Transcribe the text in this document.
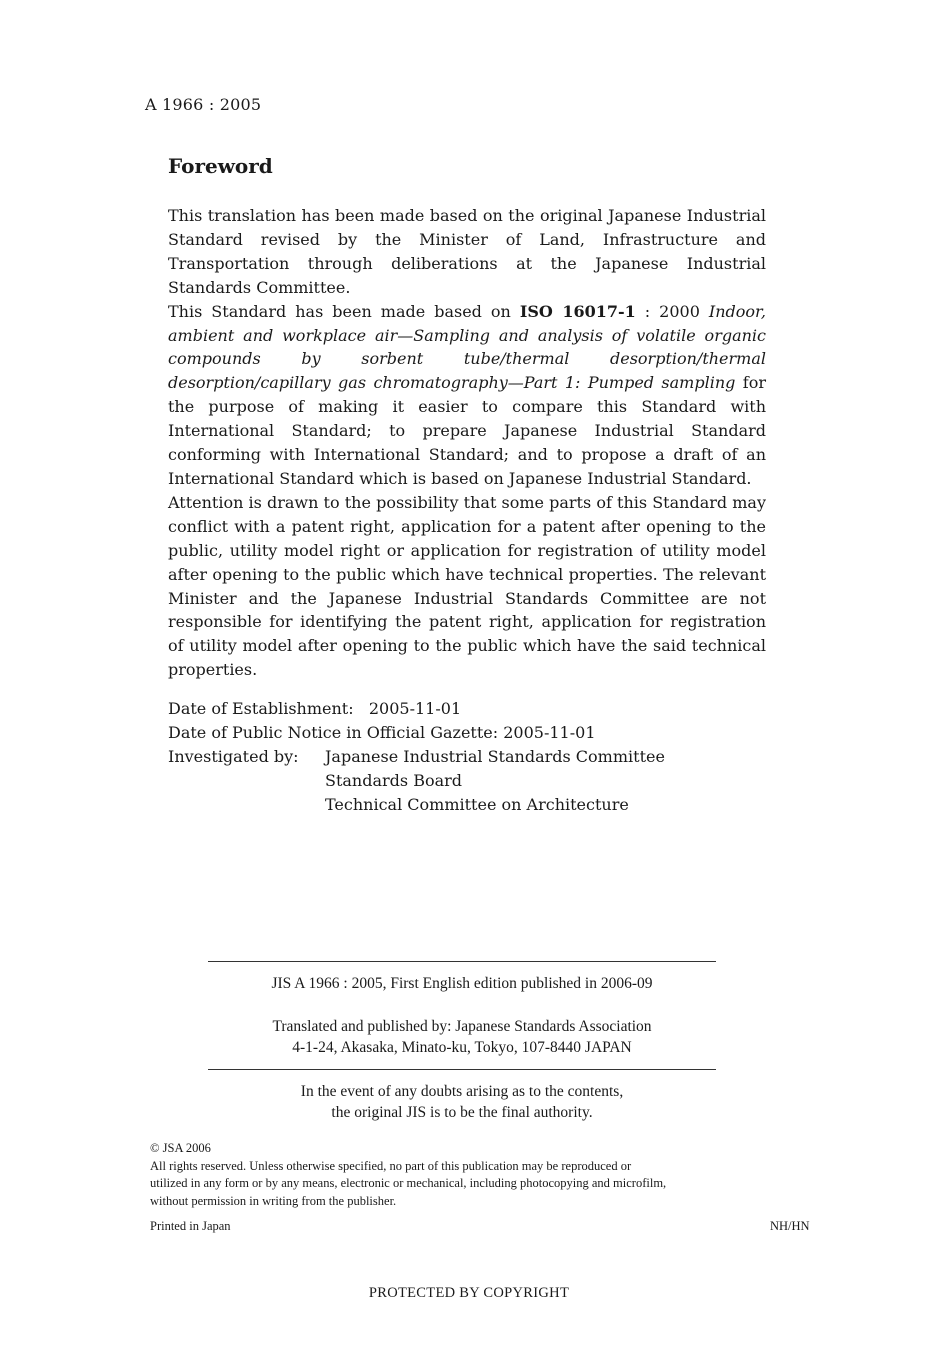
A 1966 : 2005
Foreword

This translation has been made based on the original Japanese Industrial Standard revised by the Minister of Land, Infrastructure and Transportation through deliberations at the Japanese Industrial Standards Committee.

This Standard has been made based on ISO 16017-1 : 2000 Indoor, ambient and workplace air—Sampling and analysis of volatile organic compounds by sorbent tube/thermal desorption/thermal desorption/capillary gas chromatography—Part 1: Pumped sampling for the purpose of making it easier to compare this Standard with International Standard; to prepare Japanese Industrial Standard conforming with International Standard; and to propose a draft of an International Standard which is based on Japanese Industrial Standard.

Attention is drawn to the possibility that some parts of this Standard may conflict with a patent right, application for a patent after opening to the public, utility model right or application for registration of utility model after opening to the public which have technical properties. The relevant Minister and the Japanese Industrial Standards Committee are not responsible for identifying the patent right, application for registration of utility model after opening to the public which have the said technical properties.

Date of Establishment: 2005-11-01
Date of Public Notice in Official Gazette: 2005-11-01
Investigated by:	Japanese Industrial Standards Committee
Standards Board
Technical Committee on Architecture
JIS A 1966 : 2005, First English edition published in 2006-09
Translated and published by: Japanese Standards Association
4-1-24, Akasaka, Minato-ku, Tokyo, 107-8440 JAPAN
In the event of any doubts arising as to the contents,
the original JIS is to be the final authority.
© JSA 2006
All rights reserved. Unless otherwise specified, no part of this publication may be reproduced or
utilized in any form or by any means, electronic or mechanical, including photocopying and microfilm,
without permission in writing from the publisher.
Printed in Japan	NH/HN
PROTECTED BY COPYRIGHT
